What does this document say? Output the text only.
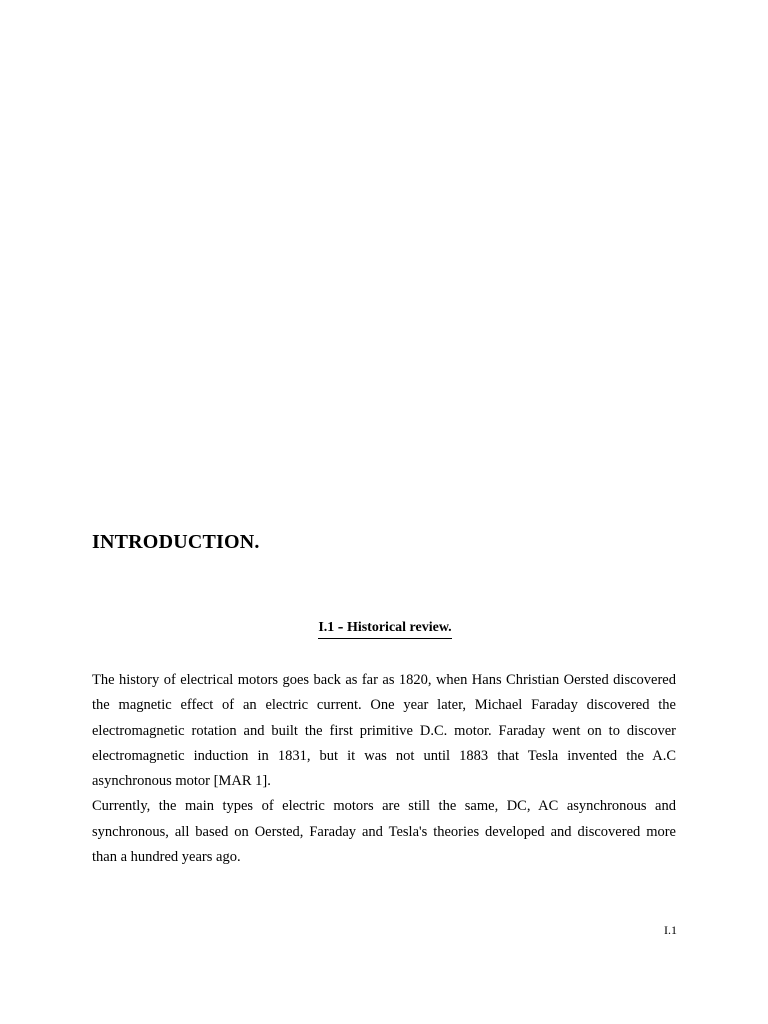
INTRODUCTION.
I.1 - Historical review.

The history of electrical motors goes back as far as 1820, when Hans Christian Oersted discovered the magnetic effect of an electric current. One year later, Michael Faraday discovered the electromagnetic rotation and built the first primitive D.C. motor. Faraday went on to discover electromagnetic induction in 1831, but it was not until 1883 that Tesla invented the A.C asynchronous motor [MAR 1].

Currently, the main types of electric motors are still the same, DC, AC asynchronous and synchronous, all based on Oersted, Faraday and Tesla's theories developed and discovered more than a hundred years ago.

I.1
